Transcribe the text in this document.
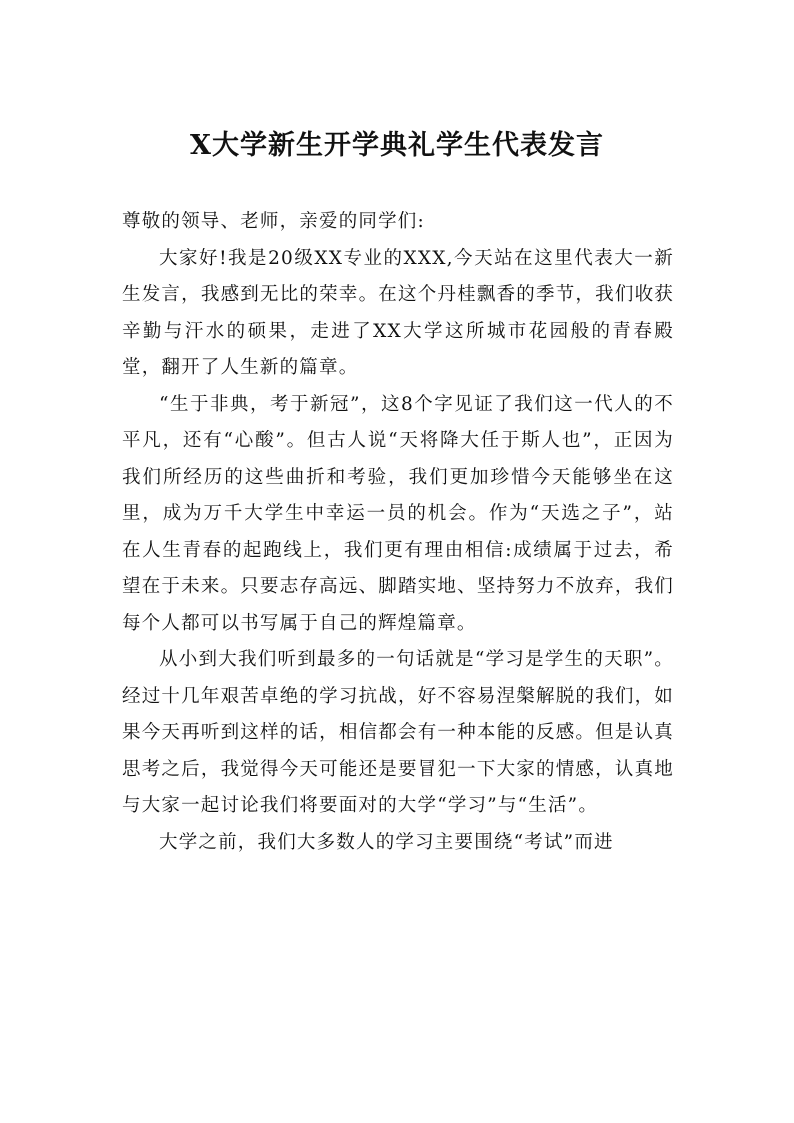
X大学新生开学典礼学生代表发言

尊敬的领导、老师，亲爱的同学们:

大家好!我是20级XX专业的XXX,今天站在这里代表大一新生发言，我感到无比的荣幸。在这个丹桂飘香的季节，我们收获辛勤与汗水的硕果，走进了XX大学这所城市花园般的青春殿堂，翻开了人生新的篇章。

“生于非典，考于新冠”，这8个字见证了我们这一代人的不平凡，还有“心酸”。但古人说“天将降大任于斯人也”，正因为我们所经历的这些曲折和考验，我们更加珍惜今天能够坐在这里，成为万千大学生中幸运一员的机会。作为“天选之子”，站在人生青春的起跑线上，我们更有理由相信:成绩属于过去，希望在于未来。只要志存高远、脚踏实地、坚持努力不放弃，我们每个人都可以书写属于自己的辉煌篇章。

从小到大我们听到最多的一句话就是“学习是学生的天职”。经过十几年艰苦卓绝的学习抗战，好不容易涅槃解脱的我们，如果今天再听到这样的话，相信都会有一种本能的反感。但是认真思考之后，我觉得今天可能还是要冒犯一下大家的情感，认真地与大家一起讨论我们将要面对的大学“学习”与“生活”。

大学之前，我们大多数人的学习主要围绕“考试”而进
